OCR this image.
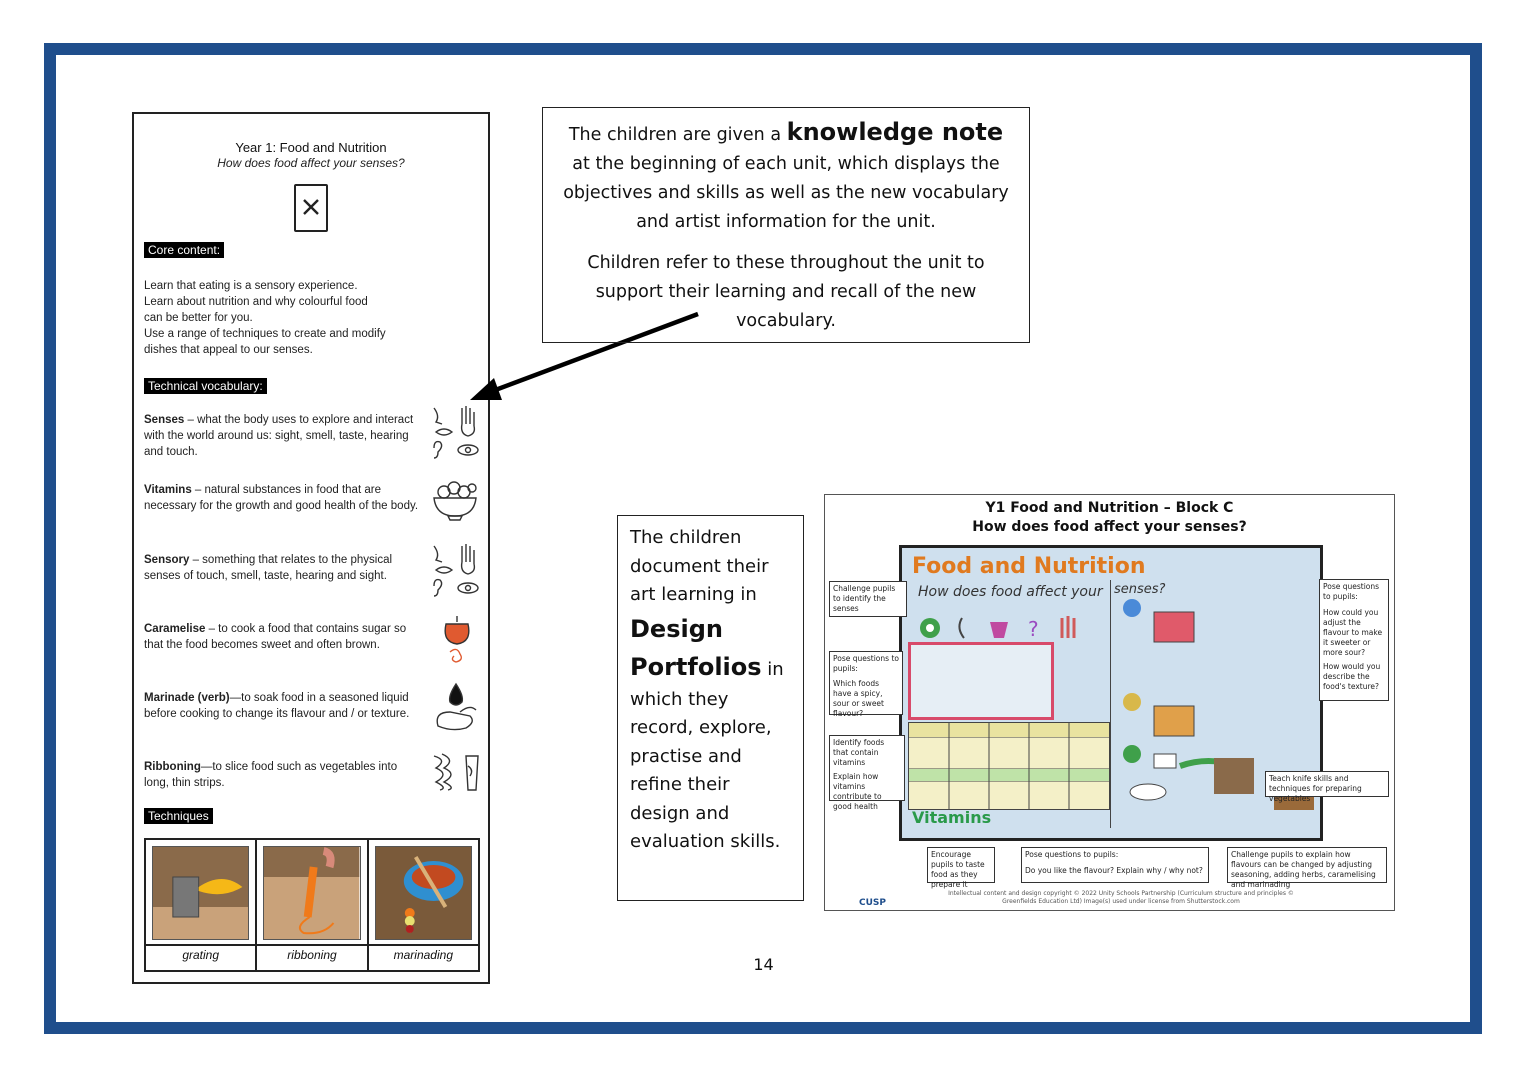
Year 1: Food and Nutrition
How does food affect your senses?
Core content:
Learn that eating is a sensory experience.
Learn about nutrition and why colourful food
can be better for you.
Use a range of techniques to create and modify
dishes that appeal to our senses.
Technical vocabulary:
Senses – what the body uses to explore and interact with the world around us: sight, smell, taste, hearing and touch.
Vitamins – natural substances in food that are necessary for the growth and good health of the body.
Sensory – something that relates to the physical senses of touch, smell, taste, hearing and sight.
Caramelise – to cook a food that contains sugar so that the food becomes sweet and often brown.
Marinade (verb)—to soak food in a seasoned liquid before cooking to change its flavour and / or texture.
Ribboning—to slice food such as vegetables into long, thin strips.
Techniques
grating	ribboning	marinading

The children are given a knowledge note at the beginning of each unit, which displays the objectives and skills as well as the new vocabulary and artist information for the unit.

Children refer to these throughout the unit to support their learning and recall of the new vocabulary.

The children document their art learning in
Design Portfolios in which they record, explore, practise and refine their design and evaluation skills.
Y1 Food and Nutrition – Block C
How does food affect your senses?
Food and Nutrition
How does food affect your senses?
?
Vitamins
Challenge pupils to identify the senses
Pose questions to pupils:
Which foods have a spicy, sour or sweet flavour?
Identify foods that contain vitamins
Explain how vitamins contribute to good health
Encourage pupils to taste food as they prepare it
Pose questions to pupils:
Do you like the flavour? Explain why / why not?
Challenge pupils to explain how flavours can be changed by adjusting seasoning, adding herbs, caramelising and marinading
Pose questions to pupils:
How could you adjust the flavour to make it sweeter or more sour?
How would you describe the food's texture?
Teach knife skills and techniques for preparing vegetables
CUSP
Intellectual content and design copyright © 2022 Unity Schools Partnership (Curriculum structure and principles © Greenfields Education Ltd) Image(s) used under license from Shutterstock.com
14
